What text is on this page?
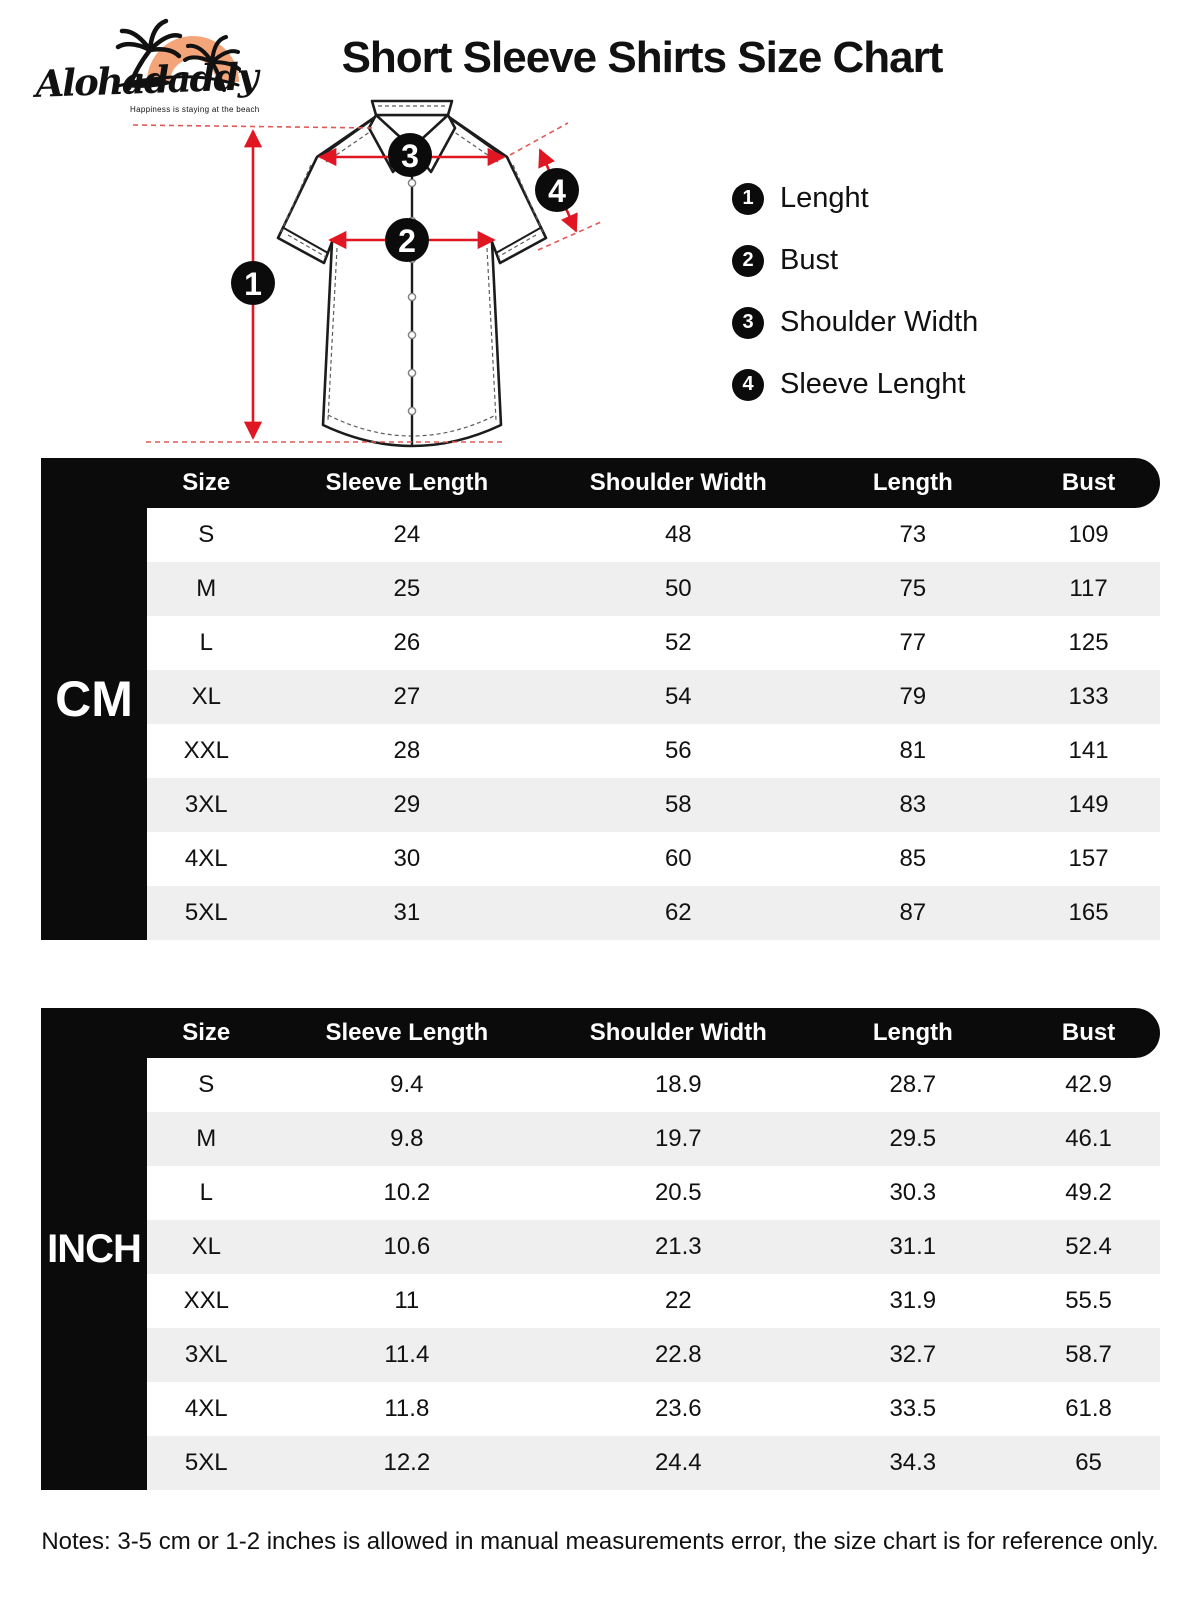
Alohadaddy
Happiness is staying at the beach
Short Sleeve Shirts Size Chart
1
2
3
4	1 Lenght
2 Bust
3 Shoulder Width
4 Sleeve Lenght
Size	Sleeve Length	Shoulder Width	Length	Bust
CM
S	24	48	73	109
M	25	50	75	117
L	26	52	77	125
XL	27	54	79	133
XXL	28	56	81	141
3XL	29	58	83	149
4XL	30	60	85	157
5XL	31	62	87	165
Size	Sleeve Length	Shoulder Width	Length	Bust
INCH
S	9.4	18.9	28.7	42.9
M	9.8	19.7	29.5	46.1
L	10.2	20.5	30.3	49.2
XL	10.6	21.3	31.1	52.4
XXL	11	22	31.9	55.5
3XL	11.4	22.8	32.7	58.7
4XL	11.8	23.6	33.5	61.8
5XL	12.2	24.4	34.3	65

Notes: 3-5 cm or 1-2 inches is allowed in manual measurements error, the size chart is for reference only.
